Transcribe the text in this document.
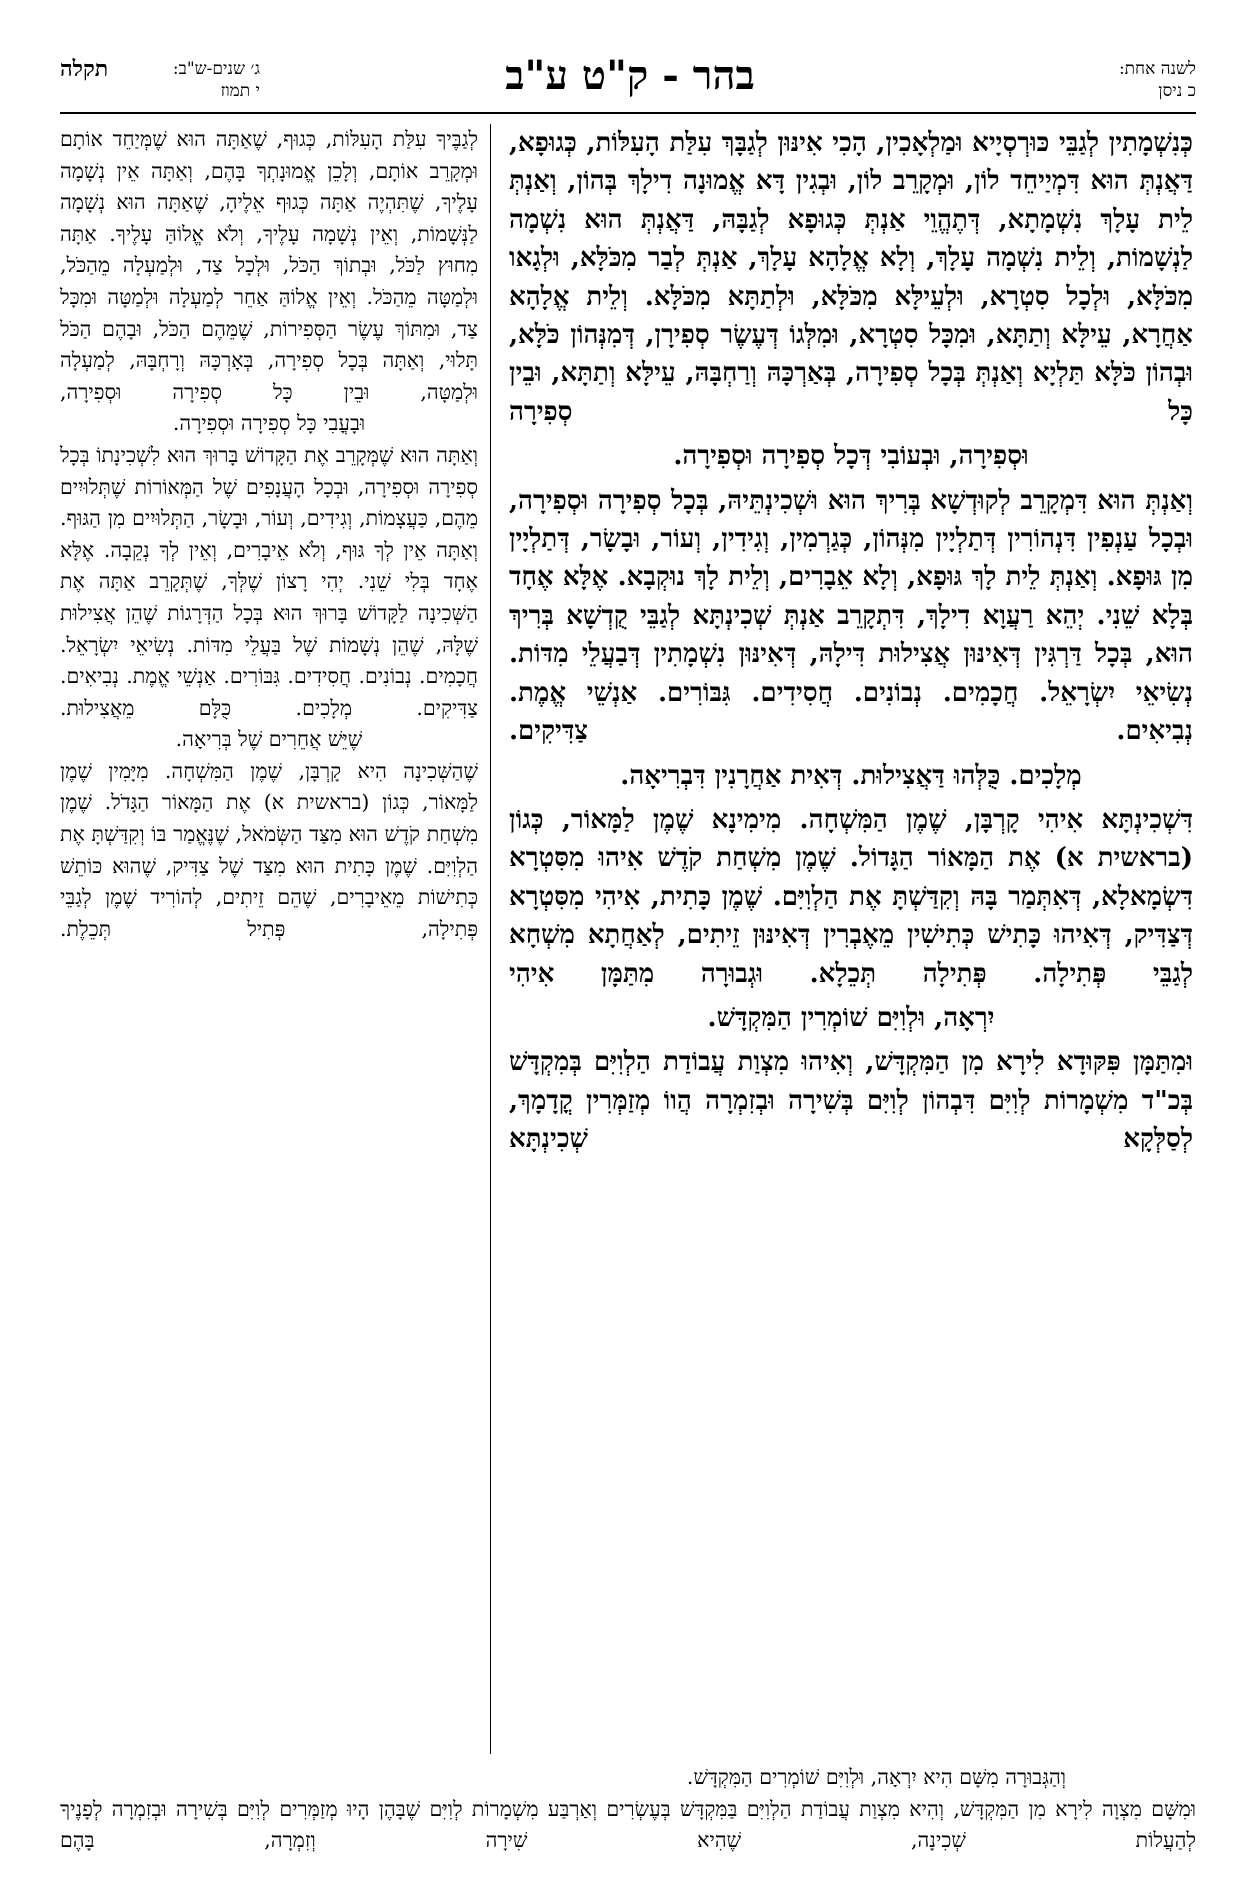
לשנה אחת:
כ ניסן
בהר - ק"ט ע"ב
ג׳ שנים-ש"ב:
י תמוז
תקלה

כְּנִשְׁמָתִין לְגַבֵּי כּוּרְסְיָיא וּמַלְאָכִין, הָכִי אִינּוּן לְגַבָּךְ עִלַּת הָעִלּוֹת, כְּגוּפָא, דַּאֲנְתְּ הוּא דִּמְיַיחֵד לוֹן, וּמְקָרֵב לוֹן, וּבְגִין דָּא אֱמוּנָה דִילָךְ בְּהוֹן, וְאַנְתְּ לֵית עָלָךְ נִשְׁמָתָא, דְּתֶהֱוֵי אַנְתְּ כְּגוּפָא לְגַבָּהּ, דַּאֲנְתְּ הוּא נִשְׁמָה לַנְשָׁמוֹת, וְלֵית נִשְׁמָה עָלָךְ, וְלָא אֱלָהָא עָלָךְ, אַנְתְּ לְבַר מִכֹּלָּא, וּלְגָאו מִכֹּלָּא, וּלְכָל סִטְרָא, וּלְעֵילָּא מִכֹּלָּא, וּלְתַתָּא מִכֹּלָּא. וְלֵית אֱלָהָא אַחֲרָא, עֵילָּא וְתַתָּא, וּמִכָּל סִטְרָא, וּמִלְּגוֹ דְּעֶשֶׂר סְפִירָן, דְּמִנְּהוֹן כֹּלָּא, וּבְהוֹן כֹּלָּא תַּלְיָא וְאַנְתְּ בְּכָל סְפִירָה, בְּאַרְכָּהּ וְרַחְבָּהּ, עֵילָּא וְתַתָּא, וּבֵין כָּל סְפִירָה

וּסְפִירָה, וּבְעוֹבִי דְּכָל סְפִירָה וּסְפִירָה.

וְאַנְתְּ הוּא דִּמְקָרֵב לְקוּדְשָׁא בְּרִיךְ הוּא וּשְׁכִינְתֵּיהּ, בְּכָל סְפִירָה וּסְפִירָה, וּבְכָל עַנְפִין דִּנְהוֹרִין דְּתַלְיָין מִנְּהוֹן, כְּגַרְמִין, וְגִידִין, וְעוֹר, וּבָשָׂר, דְּתַלְיָין מִן גּוּפָא. וְאַנְתְּ לֵית לָךְ גּוּפָא, וְלָא אֵבָרִים, וְלֵית לָךְ נוּקְבָא. אֶלָּא אֶחָד בְּלָא שֵׁנִי. יְהֵא רַעֲוָא דִילָךְ, דִּתְקָרֵב אַנְתְּ שְׁכִינְתָּא לְגַבֵּי קֻדְשָׁא בְּרִיךְ הוּא, בְּכָל דַּרְגִּין דְּאִינּוּן אֲצִילוּת דִּילָהּ, דְּאִינּוּן נִשְׁמָתִין דְּבַעֲלֵי מִדּוֹת. נְשִׂיאֵי יִשְׂרָאֵל. חֲכָמִים. נְבוֹנִים. חֲסִידִים. גִּבּוֹרִים. אַנְשֵׁי אֱמֶת. נְבִיאִים. צַדִּיקִים.

מְלָכִים. כֻּלְּהוּ דַּאֲצִילוּת. דְּאִית אַחֲרָנִין דִּבְרִיאָה.

דִּשְׁכִינְתָּא אִיהִי קָרְבָּן, שֶׁמֶן הַמִּשְׁחָה. מִימִינָא שֶׁמֶן לַמָּאוֹר, כְּגוֹן (בראשית א) אֶת הַמָּאוֹר הַגָּדוֹל. שֶׁמֶן מִשְׁחַת קֹדֶשׁ אִיהוּ מִסִּטְרָא דִּשְׂמָאלָא, דְּאִתְּמַר בָּהּ וְקִדַּשְׁתָּ אֶת הַלְוִיִּם. שֶׁמֶן כָּתִית, אִיהִי מִסִּטְרָא דְּצַדִּיק, דְּאִיהוּ כָּתִישׁ כְּתִישִׁין מֵאֶבְרִין דְּאִינּוּן זֵיתִים, לְאַחֲתָא מִשְׁחָא לְגַבֵּי פְּתִילָה. פְּתִילָה תְּכֵלָא. וּגְבוּרָה מִתַּמָּן אִיהִי

יִרְאָה, וּלְוִיִּם שׁוֹמְרִין הַמִּקְדָּשׁ.

וּמִתַּמָּן פִּקּוּדָא לִירָא מִן הַמִּקְדָּשׁ, וְאִיהוּ מִצְוַת עֲבוֹדַת הַלְוִיִּם בְּמִקְדָּשׁ בְּכ"ד מִשְׁמָרוֹת לְוִיִּם דִּבְהוֹן לְוִיִּם בְּשִׁירָה וּבְזִמְרָה הֲווֹ מְזַמְּרִין קֳדָמָךְ, לְסַלְּקָא שְׁכִינְתָּא

לְגַבֶּיךָ עִלַּת הָעִלּוֹת, כְּגוּף, שֶׁאַתָּה הוּא שֶׁמְּיַחֵד אוֹתָם וּמְקָרֵב אוֹתָם, וְלָכֵן אֱמוּנָתְךָ בָּהֶם, וְאַתָּה אֵין נְשָׁמָה עָלֶיךָ, שֶׁתִּהְיֶה אַתָּה כְּגוּף אֵלֶיהָ, שֶׁאַתָּה הוּא נְשָׁמָה לַנְּשָׁמוֹת, וְאֵין נְשָׁמָה עָלֶיךָ, וְלֹא אֱלוֹהַּ עָלֶיךָ. אַתָּה מִחוּץ לַכֹּל, וּבְתוֹךְ הַכֹּל, וּלְכָל צַד, וּלְמַעְלָה מֵהַכֹּל, וּלְמַטָּה מֵהַכֹּל. וְאֵין אֱלוֹהַּ אַחֵר לְמַעְלָה וּלְמַטָּה וּמִכָּל צַד, וּמִתּוֹךְ עֶשֶׂר הַסְּפִירוֹת, שֶׁמֵּהֶם הַכֹּל, וּבָהֶם הַכֹּל תָּלוּי, וְאַתָּה בְּכָל סְפִירָה, בְּאָרְכָּהּ וְרָחְבָּהּ, לְמַעְלָה וּלְמַטָּה, וּבֵין כָּל סְפִירָה וּסְפִירָה,

וּבָעֳבִי כָּל סְפִירָה וּסְפִירָה.

וְאַתָּה הוּא שֶׁמְּקָרֵב אֶת הַקָּדוֹשׁ בָּרוּךְ הוּא לִשְׁכִינָתוֹ בְּכָל סְפִירָה וּסְפִירָה, וּבְכָל הָעֲנָפִים שֶׁל הַמְּאוֹרוֹת שֶׁתְּלוּיִים מֵהֶם, כַּעֲצָמוֹת, וְגִידִים, וְעוֹר, וּבָשָׂר, הַתְּלוּיִים מִן הַגּוּף. וְאַתָּה אֵין לְךָ גּוּף, וְלֹא אֵיבָרִים, וְאֵין לְךָ נְקֵבָה. אֶלָּא אֶחָד בְּלִי שֵׁנִי. יְהִי רָצוֹן שֶׁלְּךָ, שֶׁתְּקָרֵב אַתָּה אֶת הַשְּׁכִינָה לַקָּדוֹשׁ בָּרוּךְ הוּא בְּכָל הַדְּרָגוֹת שֶׁהֵן אֲצִילוּת שֶׁלָּהּ, שֶׁהֵן נְשָׁמוֹת שֶׁל בַּעֲלֵי מִדּוֹת. נְשִׂיאֵי יִשְׂרָאֵל. חֲכָמִים. נְבוֹנִים. חֲסִידִים. גִּבּוֹרִים. אַנְשֵׁי אֱמֶת. נְבִיאִים. צַדִּיקִים. מְלָכִים. כֻּלָּם מֵאֲצִילוּת.

שֶׁיֵּשׁ אֲחֵרִים שֶׁל בְּרִיאָה.

שֶׁהַשְּׁכִינָה הִיא קָרְבָּן, שֶׁמֶן הַמִּשְׁחָה. מִיָּמִין שֶׁמֶן לַמָּאוֹר, כְּגוֹן (בראשית א) אֶת הַמָּאוֹר הַגָּדֹל. שֶׁמֶן מִשְׁחַת קֹדֶשׁ הוּא מִצַּד הַשְּׂמֹאל, שֶׁנֶּאֱמַר בּוֹ וְקִדַּשְׁתָּ אֶת הַלְוִיִּם. שֶׁמֶן כָּתִית הוּא מִצַּד שֶׁל צַדִּיק, שֶׁהוּא כּוֹתֵשׁ כְּתִישׁוֹת מֵאֵיבָרִים, שֶׁהֵם זֵיתִים, לְהוֹרִיד שֶׁמֶן לְגַבֵּי פְּתִילָה, פְּתִיל תְּכֵלֶת.

וְהַגְּבוּרָה מִשָּׁם הִיא יִרְאָה, וּלְוִיִּם שׁוֹמְרִים הַמִּקְדָּשׁ.

וּמִשָּׁם מִצְוָה לִירָא מִן הַמִּקְדָּשׁ, וְהִיא מִצְוַת עֲבוֹדַת הַלְוִיִּם בַּמִּקְדָּשׁ בְּעֶשְׂרִים וְאַרְבַּע מִשְׁמָרוֹת לְוִיִּם שֶׁבָּהֶן הָיוּ מְזַמְּרִים לְוִיִּם בְּשִׁירָה וּבְזִמְרָה לְפָנֶיךָ לְהַעֲלוֹת שְׁכִינָה, שֶׁהִיא שִׁירָה וְזִמְרָה, בָּהֶם
